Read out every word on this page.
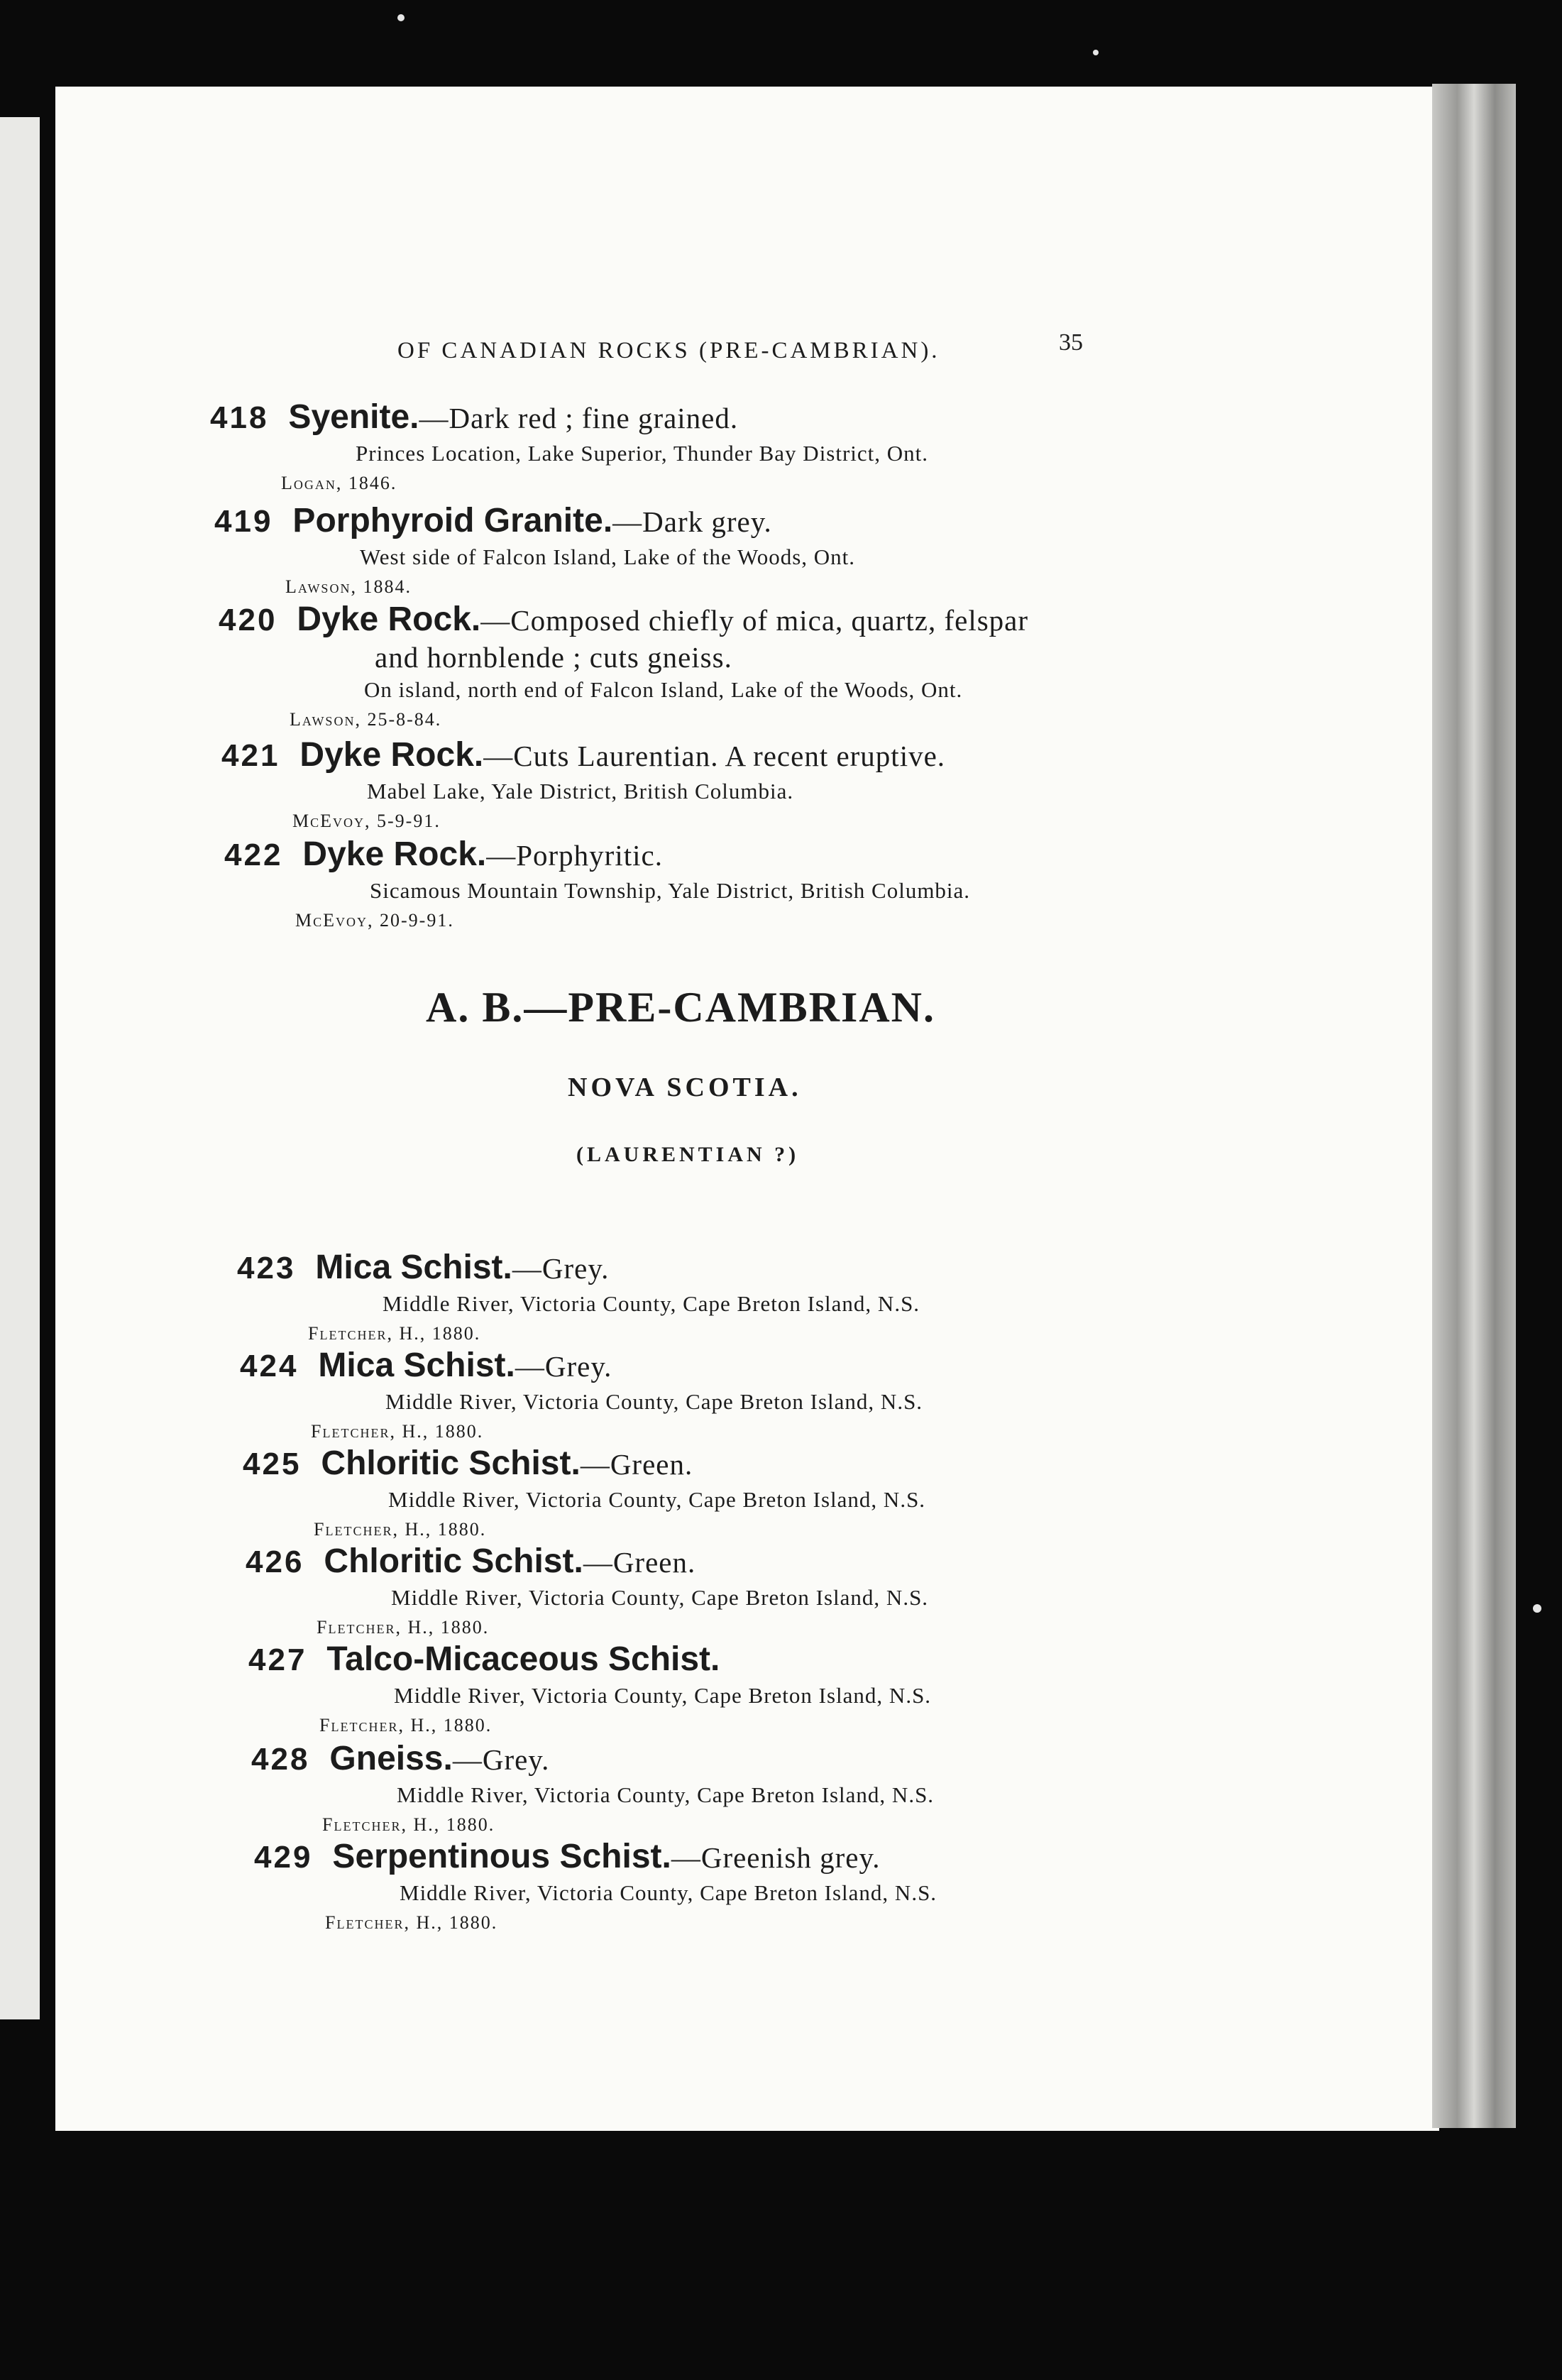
OF CANADIAN ROCKS (PRE-CAMBRIAN).	35
418 Syenite.—Dark red ; fine grained.
Princes Location, Lake Superior, Thunder Bay District, Ont.
Logan, 1846.
419 Porphyroid Granite.—Dark grey.
West side of Falcon Island, Lake of the Woods, Ont.
Lawson, 1884.
420 Dyke Rock.—Composed chiefly of mica, quartz, felspar
and hornblende ; cuts gneiss.
On island, north end of Falcon Island, Lake of the Woods, Ont.
Lawson, 25-8-84.
421 Dyke Rock.—Cuts Laurentian. A recent eruptive.
Mabel Lake, Yale District, British Columbia.
McEvoy, 5-9-91.
422 Dyke Rock.—Porphyritic.
Sicamous Mountain Township, Yale District, British Columbia.
McEvoy, 20-9-91.
A. B.—PRE-CAMBRIAN.
NOVA SCOTIA.
(LAURENTIAN ?)
423 Mica Schist.—Grey.
Middle River, Victoria County, Cape Breton Island, N.S.
Fletcher, H., 1880.
424 Mica Schist.—Grey.
Middle River, Victoria County, Cape Breton Island, N.S.
Fletcher, H., 1880.
425 Chloritic Schist.—Green.
Middle River, Victoria County, Cape Breton Island, N.S.
Fletcher, H., 1880.
426 Chloritic Schist.—Green.
Middle River, Victoria County, Cape Breton Island, N.S.
Fletcher, H., 1880.
427 Talco-Micaceous Schist.
Middle River, Victoria County, Cape Breton Island, N.S.
Fletcher, H., 1880.
428 Gneiss.—Grey.
Middle River, Victoria County, Cape Breton Island, N.S.
Fletcher, H., 1880.
429 Serpentinous Schist.—Greenish grey.
Middle River, Victoria County, Cape Breton Island, N.S.
Fletcher, H., 1880.
